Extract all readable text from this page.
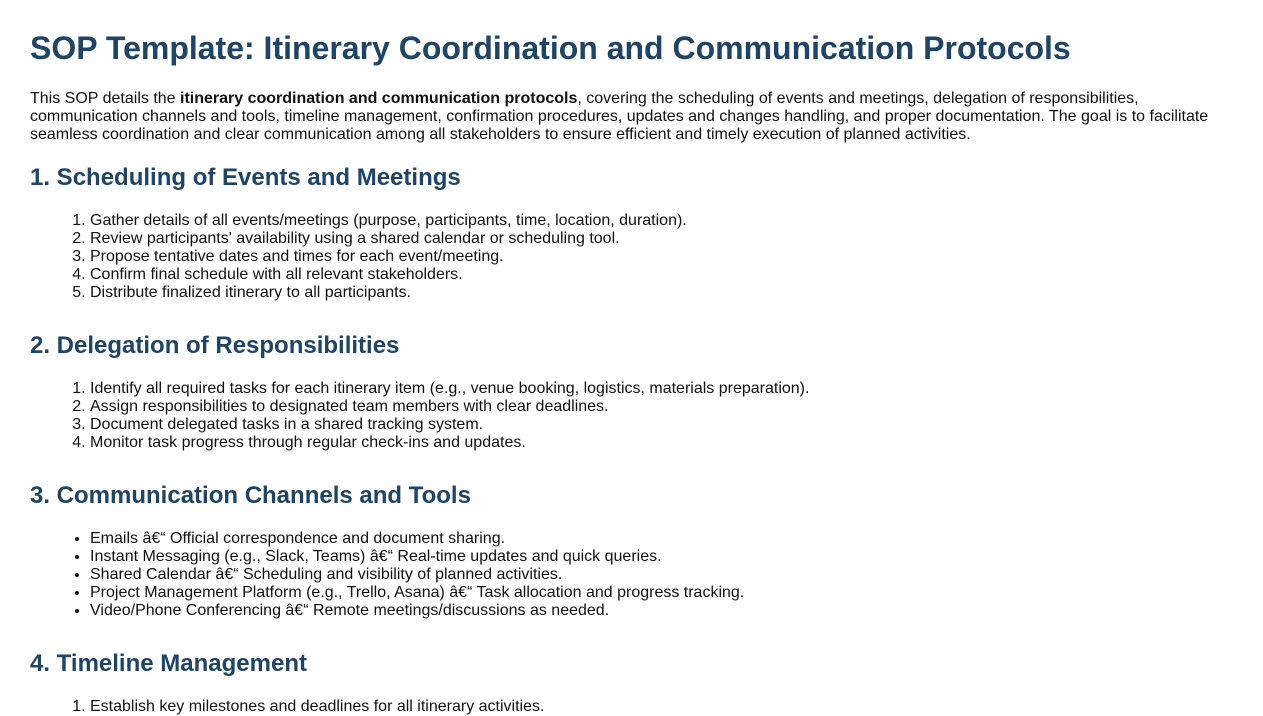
SOP Template: Itinerary Coordination and Communication Protocols

This SOP details the itinerary coordination and communication protocols, covering the scheduling of events and meetings, delegation of responsibilities, communication channels and tools, timeline management, confirmation procedures, updates and changes handling, and proper documentation. The goal is to facilitate seamless coordination and clear communication among all stakeholders to ensure efficient and timely execution of planned activities.

1. Scheduling of Events and Meetings
1. Gather details of all events/meetings (purpose, participants, time, location, duration).
2. Review participants' availability using a shared calendar or scheduling tool.
3. Propose tentative dates and times for each event/meeting.
4. Confirm final schedule with all relevant stakeholders.
5. Distribute finalized itinerary to all participants.
2. Delegation of Responsibilities
1. Identify all required tasks for each itinerary item (e.g., venue booking, logistics, materials preparation).
2. Assign responsibilities to designated team members with clear deadlines.
3. Document delegated tasks in a shared tracking system.
4. Monitor task progress through regular check-ins and updates.
3. Communication Channels and Tools
• Emails â€“ Official correspondence and document sharing.
• Instant Messaging (e.g., Slack, Teams) â€“ Real-time updates and quick queries.
• Shared Calendar â€“ Scheduling and visibility of planned activities.
• Project Management Platform (e.g., Trello, Asana) â€“ Task allocation and progress tracking.
• Video/Phone Conferencing â€“ Remote meetings/discussions as needed.
4. Timeline Management
1. Establish key milestones and deadlines for all itinerary activities.
